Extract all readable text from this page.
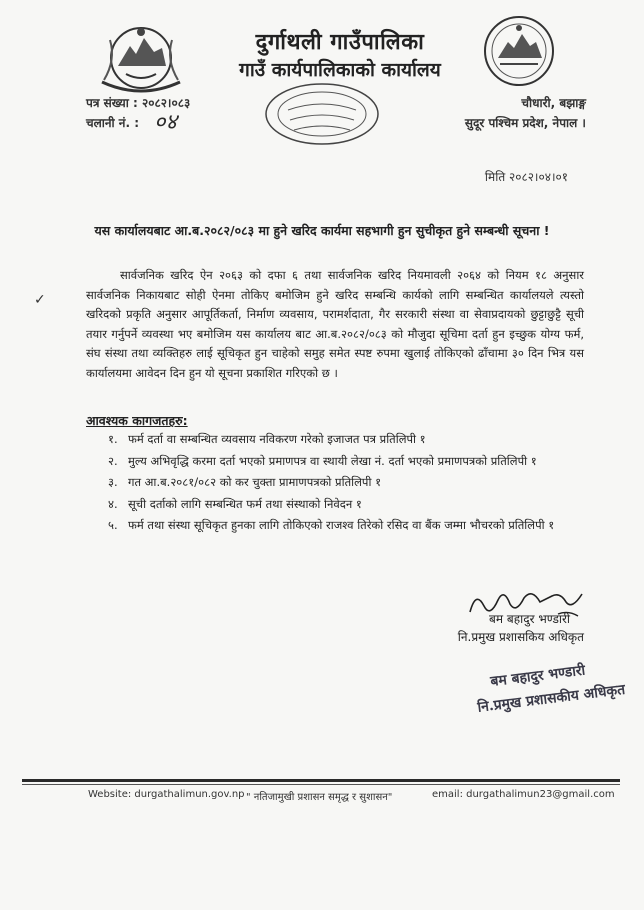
दुर्गाथली गाउँपालिका
गाउँ कार्यपालिकाको कार्यालय
पत्र संख्या : २०८२।०८३
चलानी नं. : ०४
चौधारी, बझाङ्ग
सुदूर पश्चिम प्रदेश, नेपाल ।
मिति २०८२।०४।०१
यस कार्यालयबाट आ.ब.२०८२/०८३ मा हुने खरिद कार्यमा सहभागी हुन सुचीकृत हुने सम्बन्धी सूचना !
✓

सार्वजनिक खरिद ऐन २०६३ को दफा ६ तथा सार्वजनिक खरिद नियमावली २०६४ को नियम १८ अनुसार सार्वजनिक निकायबाट सोही ऐनमा तोकिए बमोजिम हुने खरिद सम्बन्धि कार्यको लागि सम्बन्धित कार्यालयले त्यस्तो खरिदको प्रकृति अनुसार आपूर्तिकर्ता, निर्माण व्यवसाय, परामर्शदाता, गैर सरकारी संस्था वा सेवाप्रदायको छुट्टाछुट्टै सूची तयार गर्नुपर्ने व्यवस्था भए बमोजिम यस कार्यालय बाट आ.ब.२०८२/०८३ को मौजुदा सूचिमा दर्ता हुन इच्छुक योग्य फर्म, संघ संस्था तथा व्यक्तिहरु लाई सूचिकृत हुन चाहेको समुह समेत स्पष्ट रुपमा खुलाई तोकिएको ढाँचामा ३० दिन भित्र यस कार्यालयमा आवेदन दिन हुन यो सूचना प्रकाशित गरिएको छ ।

आवश्यक कागजतहरु:
१. फर्म दर्ता वा सम्बन्धित व्यवसाय नविकरण गरेको इजाजत पत्र प्रतिलिपी १
२. मुल्य अभिवृद्धि करमा दर्ता भएको प्रमाणपत्र वा स्थायी लेखा नं. दर्ता भएको प्रमाणपत्रको प्रतिलिपी १
३. गत आ.ब.२०८१/०८२ को कर चुक्ता प्रामाणपत्रको प्रतिलिपी १
४. सूची दर्ताको लागि सम्बन्धित फर्म तथा संस्थाको निवेदन १
५. फर्म तथा संस्था सूचिकृत हुनका लागि तोकिएको राजश्व तिरेको रसिद वा बैंक जम्मा भौचरको प्रतिलिपी १
बम बहादुर भण्डारी
नि.प्रमुख प्रशासकिय अधिकृत
बम बहादुर भण्डारी
नि.प्रमुख प्रशासकीय अधिकृत
Website: durgathalimun.gov.np " नतिजामुखी प्रशासन समृद्ध र सुशासन"	email: durgathalimun23@gmail.com
